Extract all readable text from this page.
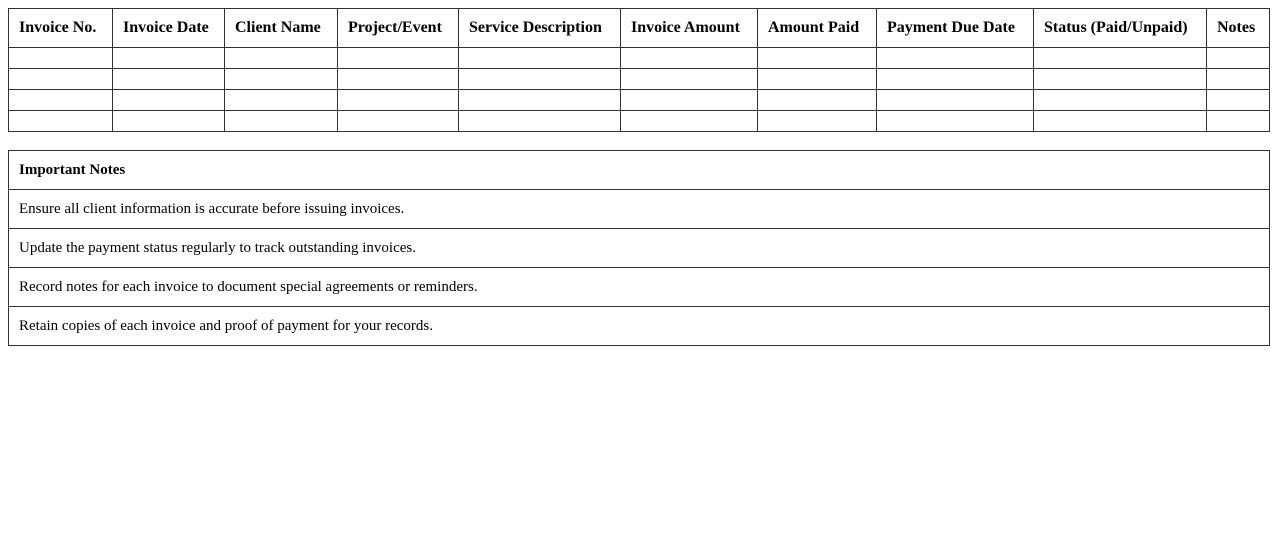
Invoice No.	Invoice Date	Client Name	Project/Event	Service Description	Invoice Amount	Amount Paid	Payment Due Date	Status (Paid/Unpaid)	Notes

Important Notes
Ensure all client information is accurate before issuing invoices.
Update the payment status regularly to track outstanding invoices.
Record notes for each invoice to document special agreements or reminders.
Retain copies of each invoice and proof of payment for your records.
